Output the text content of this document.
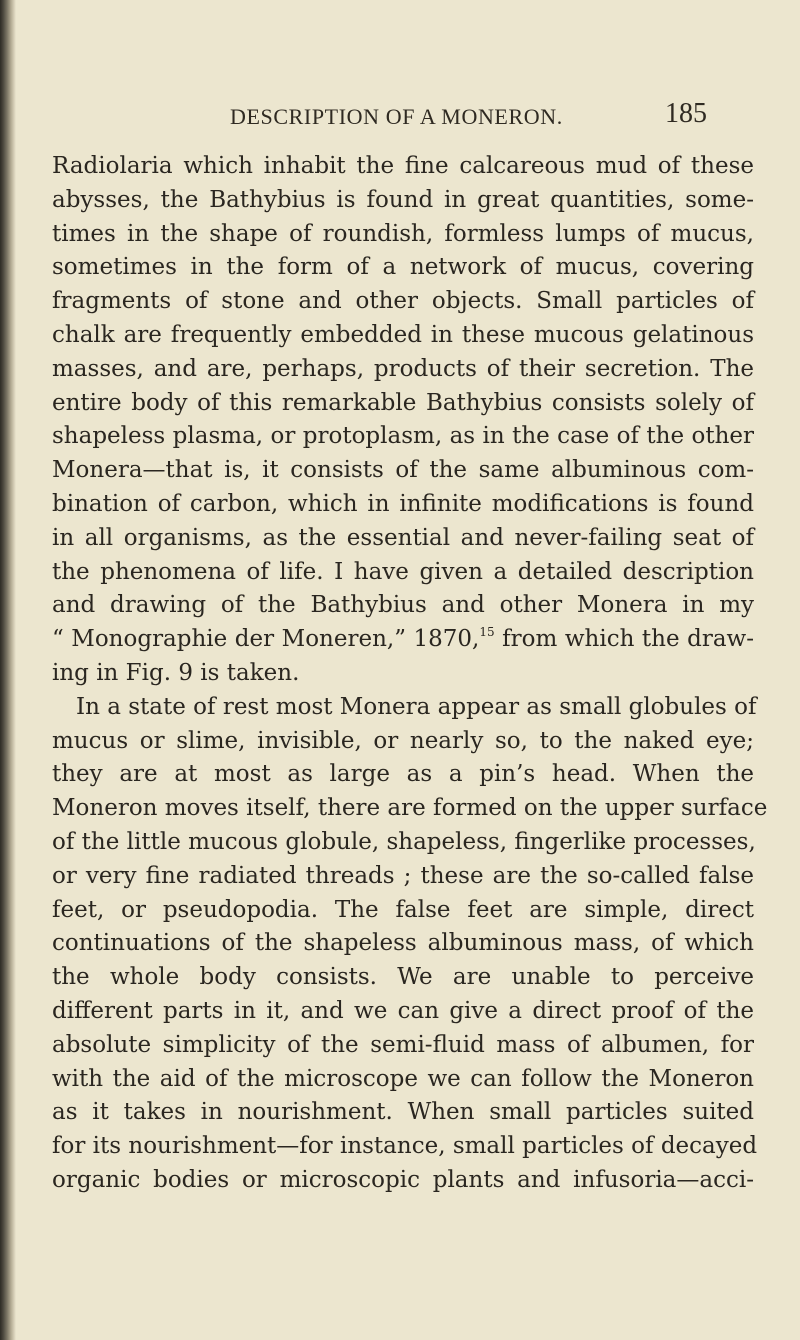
DESCRIPTION OF A MONERON.	185
Radiolaria which inhabit the fine calcareous mud of these
abysses, the Bathybius is found in great quantities, some-
times in the shape of roundish, formless lumps of mucus,
sometimes in the form of a network of mucus, covering
fragments of stone and other objects. Small particles of
chalk are frequently embedded in these mucous gelatinous
masses, and are, perhaps, products of their secretion. The
entire body of this remarkable Bathybius consists solely of
shapeless plasma, or protoplasm, as in the case of the other
Monera—that is, it consists of the same albuminous com-
bination of carbon, which in infinite modifications is found
in all organisms, as the essential and never-failing seat of
the phenomena of life. I have given a detailed description
and drawing of the Bathybius and other Monera in my
“ Monographie der Moneren,” 1870,15 from which the draw-
ing in Fig. 9 is taken.
In a state of rest most Monera appear as small globules of
mucus or slime, invisible, or nearly so, to the naked eye;
they are at most as large as a pin’s head. When the
Moneron moves itself, there are formed on the upper surface
of the little mucous globule, shapeless, fingerlike processes,
or very fine radiated threads ; these are the so-called false
feet, or pseudopodia. The false feet are simple, direct
continuations of the shapeless albuminous mass, of which
the whole body consists. We are unable to perceive
different parts in it, and we can give a direct proof of the
absolute simplicity of the semi-fluid mass of albumen, for
with the aid of the microscope we can follow the Moneron
as it takes in nourishment. When small particles suited
for its nourishment—for instance, small particles of decayed
organic bodies or microscopic plants and infusoria—acci-
